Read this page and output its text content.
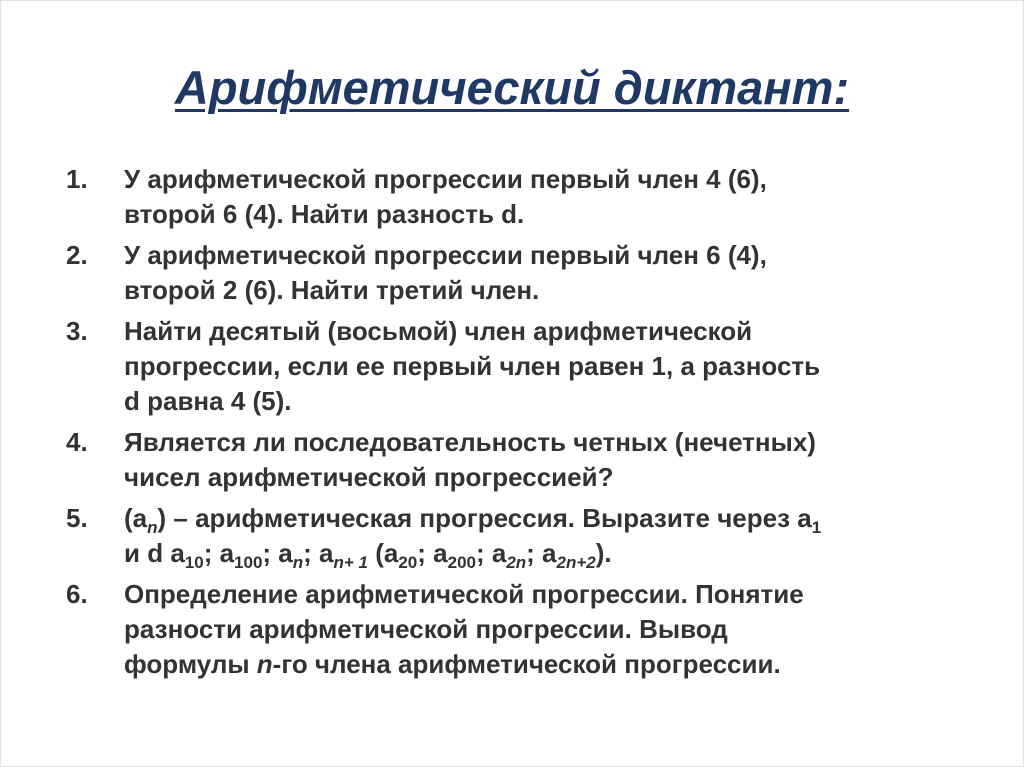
Арифметический диктант:
1. У арифметической прогрессии первый член 4 (6),
второй 6 (4). Найти разность d.
2. У арифметической прогрессии первый член 6 (4),
второй 2 (6). Найти третий член.
3. Найти десятый (восьмой) член арифметической
прогрессии, если ее первый член равен 1, а разность
d равна 4 (5).
4. Является ли последовательность четных (нечетных)
чисел арифметической прогрессией?
5. $(a_n)$ – арифметическая прогрессия. Выразите через $a_1$
и d $a_{10}$; $a_{100}$; $a_n$; $a_{n+ 1}$ ($a_{20}$; $a_{200}$; $a_{2n}$; $a_{2n+2}$).
6. Определение арифметической прогрессии. Понятие
разности арифметической прогрессии. Вывод
формулы n-го члена арифметической прогрессии.
